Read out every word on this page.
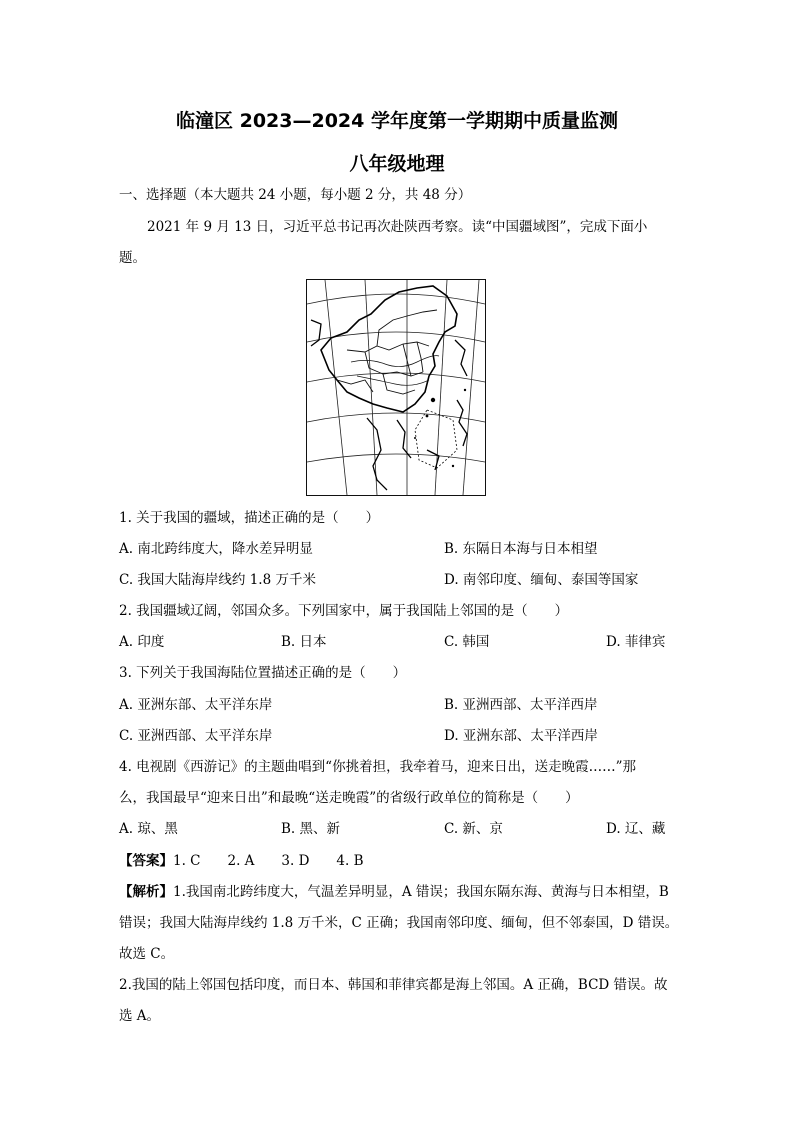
临潼区 2023—2024 学年度第一学期期中质量监测
八年级地理
一、选择题（本大题共 24 小题，每小题 2 分，共 48 分）
2021 年 9 月 13 日，习近平总书记再次赴陕西考察。读“中国疆域图”，完成下面小
题。
1. 关于我国的疆域，描述正确的是（　　）
A. 南北跨纬度大，降水差异明显	B. 东隔日本海与日本相望
C. 我国大陆海岸线约 1.8 万千米	D. 南邻印度、缅甸、泰国等国家
2. 我国疆域辽阔，邻国众多。下列国家中，属于我国陆上邻国的是（　　）
A. 印度	B. 日本	C. 韩国	D. 菲律宾
3. 下列关于我国海陆位置描述正确的是（　　）
A. 亚洲东部、太平洋东岸	B. 亚洲西部、太平洋西岸
C. 亚洲西部、太平洋东岸	D. 亚洲东部、太平洋西岸
4. 电视剧《西游记》的主题曲唱到“你挑着担，我牵着马，迎来日出，送走晚霞……”那
么，我国最早“迎来日出”和最晚“送走晚霞”的省级行政单位的简称是（　　）
A. 琼、黑	B. 黑、新	C. 新、京	D. 辽、藏
【答案】1. C　　2. A　　3. D　　4. B
【解析】1.我国南北跨纬度大，气温差异明显，A 错误；我国东隔东海、黄海与日本相望，B
错误；我国大陆海岸线约 1.8 万千米，C 正确；我国南邻印度、缅甸，但不邻泰国，D 错误。
故选 C。
2.我国的陆上邻国包括印度，而日本、韩国和菲律宾都是海上邻国。A 正确，BCD 错误。故
选 A。
